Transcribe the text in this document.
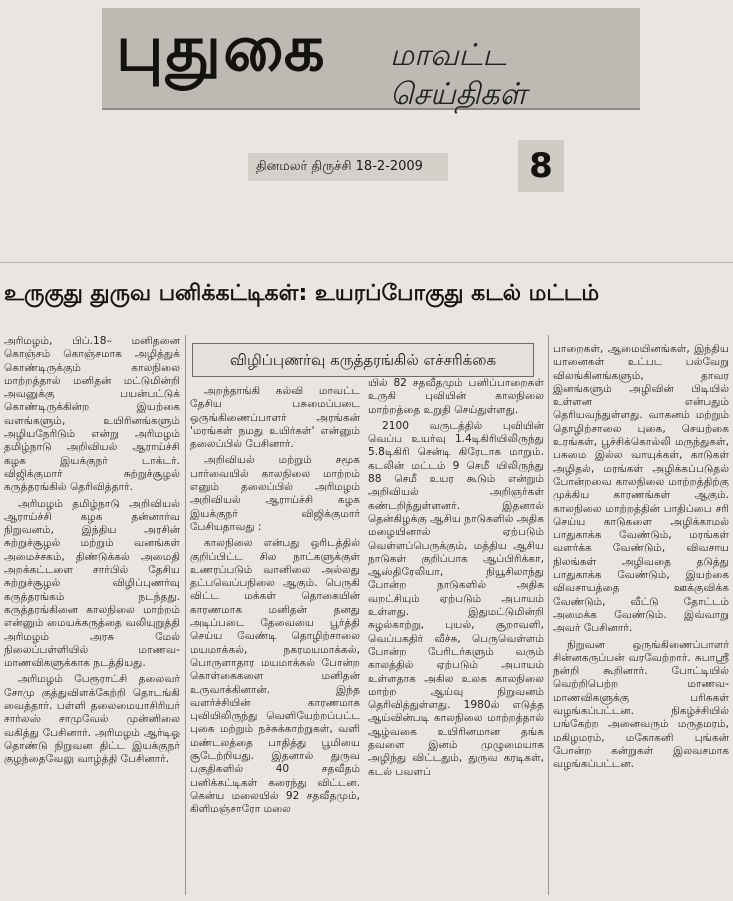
புதுகை மாவட்ட செய்திகள்
தினமலர் திருச்சி 18-2-2009	8
உருகுது துருவ பனிக்கட்டிகள்: உயரப்போகுது கடல் மட்டம்
விழிப்புணர்வு கருத்தரங்கில் எச்சரிக்கை

அரிமழம், பிப்.18– மனிதனை கொஞ்சம் கொஞ்சமாக அழித்துக் கொண்டிருக்கும் காலநிலை மாற்றத்தால் மனிதன் மட்டுமின்றி அவனுக்கு பயன்பட்டுக் கொண்டிருக்கின்ற இயற்கை வளங்களும், உயிரினங்களும் அழியநேரிடும் என்று அரிமழம் தமிழ்நாடு அறிவியல் ஆராய்ச்சி கழக இயக்குநர் டாக்டர். விஜிக்குமார் சுற்றுச்சூழல் கருத்தரங்கில் தெரிவித்தார்.

அரிமழம் தமிழ்நாடு அறிவியல் ஆராய்ச்சி கழக தன்னார்வ நிறுவனம், இந்திய அரசின் சுற்றுச்சூழல் மற்றும் வனங்கள் அமைச்சகம், திண்டுக்கல் அமைதி அறக்கட்டளை சார்பில் தேசிய சுற்றுச்சூழல் விழிப்புணர்வு கருத்தரங்கம் நடந்தது. கருத்தரங்கினை காலநிலை மாற்றம் என்னும் மையக்கருத்தை வலியுறுத்தி அரிமழம் அரசு மேல் நிலைப்பள்ளியில் மாணவ-மாணவிகளுக்காக நடத்தியது.

அரிமழம் பேரூராட்சி தலைவர் சோமு குத்துவிளக்கேற்றி தொடங்கி வைத்தார். பள்ளி தலைமையாசிரியர் சார்லஸ் சாமுவேல் முன்னிலை வகித்து பேசினார். அரிமழம் ஆர்டிஓ தொண்டு நிறுவன திட்ட இயக்குநர் குழந்தைவேலு வாழ்த்தி பேசினார்.

அறந்தாங்கி கல்வி மாவட்ட தேசிய பசுமைப்படை ஒருங்கிணைப்பாளர் அரங்கன் 'மரங்கள் நமது உயிர்கள்' என்னும் தலைப்பில் பேசினார்.

அறிவியல் மற்றும் சமூக பார்வையில் காலநிலை மாற்றம் எனும் தலைப்பில் அரிமழம் அறிவியல் ஆராய்ச்சி கழக இயக்குநர் விஜிக்குமார் பேசியதாவது :

காலநிலை என்பது ஒரிடத்தில் குறிப்பிட்ட சில நாட்களுக்குள் உணரப்படும் வானிலை அல்லது தட்பவெப்பநிலை ஆகும். பெருகி விட்ட மக்கள் தொகையின் காரணமாக மனிதன் தனது அடிப்படை தேவையை பூர்த்தி செய்ய வேண்டி தொழிற்சாலை மயமாக்கல், நகரமயமாக்கல், பொருளாதார மயமாக்கல் போன்ற கொள்கைகளை மனிதன் உருவாக்கினான். இந்த வளர்ச்சியின் காரணமாக புவியிலிருந்து வெளியேற்றப்பட்ட புகை மற்றும் நச்சுக்காற்றுகள், வளி மண்டலத்தை பாதித்து பூமியை சூடேற்றியது. இதனால் துருவ பகுதிகளில் 40 சதவீதம் பனிக்கட்டிகள் கரைந்து விட்டன. கென்ய மலையில் 92 சதவீதமும், கிளிமஞ்சாரோ மலை

யில் 82 சதவீதமும் பனிப்பாறைகள் உருகி புவியின் காலநிலை மாற்றத்தை உறுதி செய்துள்ளது.

2100 வருடத்தில் புவியின் வெப்ப உயர்வு 1.4டிகிரியிலிருந்து 5.8டிகிரி சென்டி கிரேடாக மாறும். கடலின் மட்டம் 9 செமீ யிலிருந்து 88 செமீ உயர கூடும் என்றும் அறிவியல் அறிஞர்கள் கண்டறிந்துள்ளனர். இதனால் தென்கிழக்கு ஆசிய நாடுகளில் அதிக மழையினால் ஏற்படும் வெள்ளப்பெருக்கும், மத்திய ஆசிய நாடுகள் குறிப்பாக ஆப்பிரிக்கா, ஆஸ்திரேலியா, நியூசிலாந்து போன்ற நாடுகளில் அதிக வறட்சியும் ஏற்படும் அபாயம் உள்ளது. இதுமட்டுமின்றி சுழல்காற்று, புயல், சூறாவளி, வெப்பகதிர் வீச்சு, பெருவெள்ளம் போன்ற பேரிடர்களும் வரும் காலத்தில் ஏற்படும் அபாயம் உள்ளதாக அகில உலக காலநிலை மாற்ற ஆய்வு நிறுவனம் தெரிவித்துள்ளது. 1980ல் எடுத்த ஆய்வின்படி காலநிலை மாற்றத்தால் ஆழ்வகை உயிரினமான தங்க தவளை இனம் முழுமையாக அழிந்து விட்டதும், துருவ கரடிகள், கடல் பவளப்

பாறைகள், ஆமையினங்கள், இந்திய யானைகள் உட்பட பல்வேறு விலங்கினங்களும், தாவர இனங்களும் அழிவின் பிடியில் உள்ளன என்பதும் தெரியவந்துள்ளது. வாகனம் மற்றும் தொழிற்சாலை புகை, செயற்கை உரங்கள், பூச்சிக்கொல்லி மருந்துகள், பசுமை இல்ல வாயுக்கள், காடுகள் அழிதல், மரங்கள் அழிக்கப்படுதல் போன்றவை காலநிலை மாற்றத்திற்கு முக்கிய காரணங்கள் ஆகும். காலநிலை மாற்றத்தின் பாதிப்பை சரி செய்ய காடுகளை அழிக்காமல் பாதுகாக்க வேண்டும், மரங்கள் வளர்க்க வேண்டும், விவசாய நிலங்கள் அழிவதை தடுத்து பாதுகாக்க வேண்டும், இயற்கை விவசாயத்தை ஊக்குவிக்க வேண்டும், வீட்டு தோட்டம் அமைக்க வேண்டும். இவ்வாறு அவர் பேசினார்.

நிறுவன ஒருங்கிணைப்பாளர் சின்னகருப்பன் வரவேற்றார். சுபாஸ்ரீ நன்றி கூறினார். போட்டியில் வெற்றிபெற்ற மாணவ-மாணவிகளுக்கு பரிசுகள் வழங்கப்பட்டன. நிகழ்ச்சியில் பங்கேற்ற அனைவரும் மருதமரம், மகிழமரம், மகோகனி புங்கன் போன்ற கன்றுகள் இலவசமாக வழங்கப்பட்டன.
